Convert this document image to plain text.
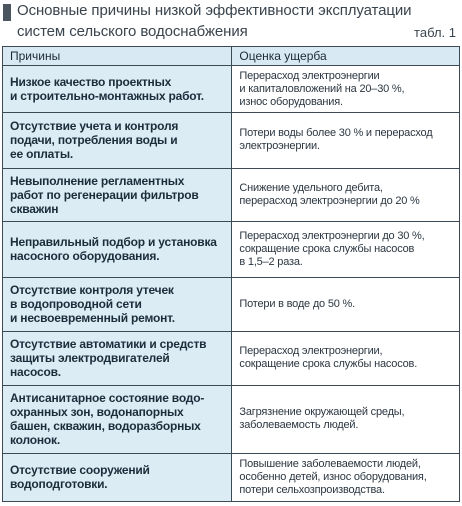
Основные причины низкой эффективности эксплуатации
систем сельского водоснабжения	табл. 1
Причины	Оценка ущерба

Низкое качество проектных
и строительно-монтажных работ.	Перерасход электроэнергии
и капиталовложений на 20–30 %,
износ оборудования.

Отсутствие учета и контроля
подачи, потребления воды и
ее оплаты.	Потери воды более 30 % и перерасход
электроэнергии.

Невыполнение регламентных
работ по регенерации фильтров
скважин	Снижение удельного дебита,
перерасход электроэнергии до 20 %

Неправильный подбор и установка
насосного оборудования.	Перерасход электроэнергии до 30 %,
сокращение срока службы насосов
в 1,5–2 раза.

Отсутствие контроля утечек
в водопроводной сети
и несвоевременный ремонт.	Потери в воде до 50 %.

Отсутствие автоматики и средств
защиты электродвигателей
насосов.	Перерасход электроэнергии,
сокращение срока службы насосов.

Антисанитарное состояние водо-
охранных зон, водонапорных
башен, скважин, водоразборных
колонок.	Загрязнение окружающей среды,
заболеваемость людей.

Отсутствие сооружений
водоподготовки.	Повышение заболеваемости людей,
особенно детей, износ оборудования,
потери сельхозпроизводства.
